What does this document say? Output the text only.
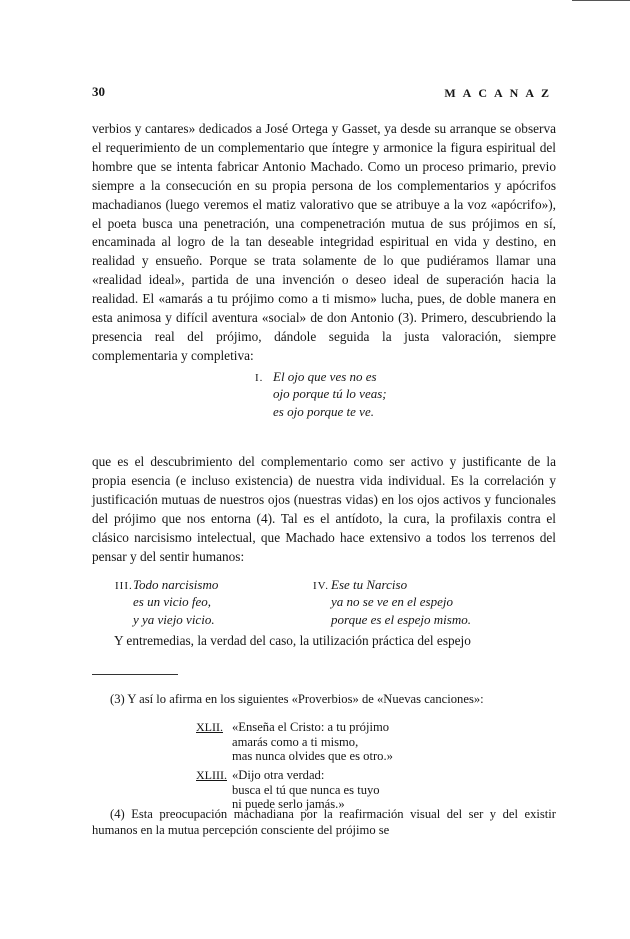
30	MACANAZ

verbios y cantares» dedicados a José Ortega y Gasset, ya desde su arranque se observa el requerimiento de un complementario que íntegre y armonice la figura espiritual del hombre que se intenta fabricar Antonio Machado. Como un proceso primario, previo siempre a la consecución en su propia persona de los complementarios y apócrifos machadianos (luego veremos el matiz valorativo que se atribuye a la voz «apócrifo»), el poeta busca una penetración, una compenetración mutua de sus prójimos en sí, encaminada al logro de la tan deseable integridad espiritual en vida y destino, en realidad y ensueño. Porque se trata solamente de lo que pudiéramos llamar una «realidad ideal», partida de una invención o deseo ideal de superación hacia la realidad. El «amarás a tu prójimo como a ti mismo» lucha, pues, de doble manera en esta animosa y difícil aventura «social» de don Antonio (3). Primero, descubriendo la presencia real del prójimo, dándole seguida la justa valoración, siempre complementaria y completiva:

I. El ojo que ves no es
ojo porque tú lo veas;
es ojo porque te ve.

que es el descubrimiento del complementario como ser activo y justificante de la propia esencia (e incluso existencia) de nuestra vida individual. Es la correlación y justificación mutuas de nuestros ojos (nuestras vidas) en los ojos activos y funcionales del prójimo que nos entorna (4). Tal es el antídoto, la cura, la profilaxis contra el clásico narcisismo intelectual, que Machado hace extensivo a todos los terrenos del pensar y del sentir humanos:

III.Todo narcisismo
es un vicio feo,
y ya viejo vicio.
IV. Ese tu Narciso
ya no se ve en el espejo
porque es el espejo mismo.

Y entremedias, la verdad del caso, la utilización práctica del espejo

(3) Y así lo afirma en los siguientes «Proverbios» de «Nuevas canciones»:

XLII. «Enseña el Cristo: a tu prójimo
amarás como a ti mismo,
mas nunca olvides que es otro.»
XLIII. «Dijo otra verdad:
busca el tú que nunca es tuyo
ni puede serlo jamás.»

(4) Esta preocupación machadiana por la reafirmación visual del ser y del existir humanos en la mutua percepción consciente del prójimo se
